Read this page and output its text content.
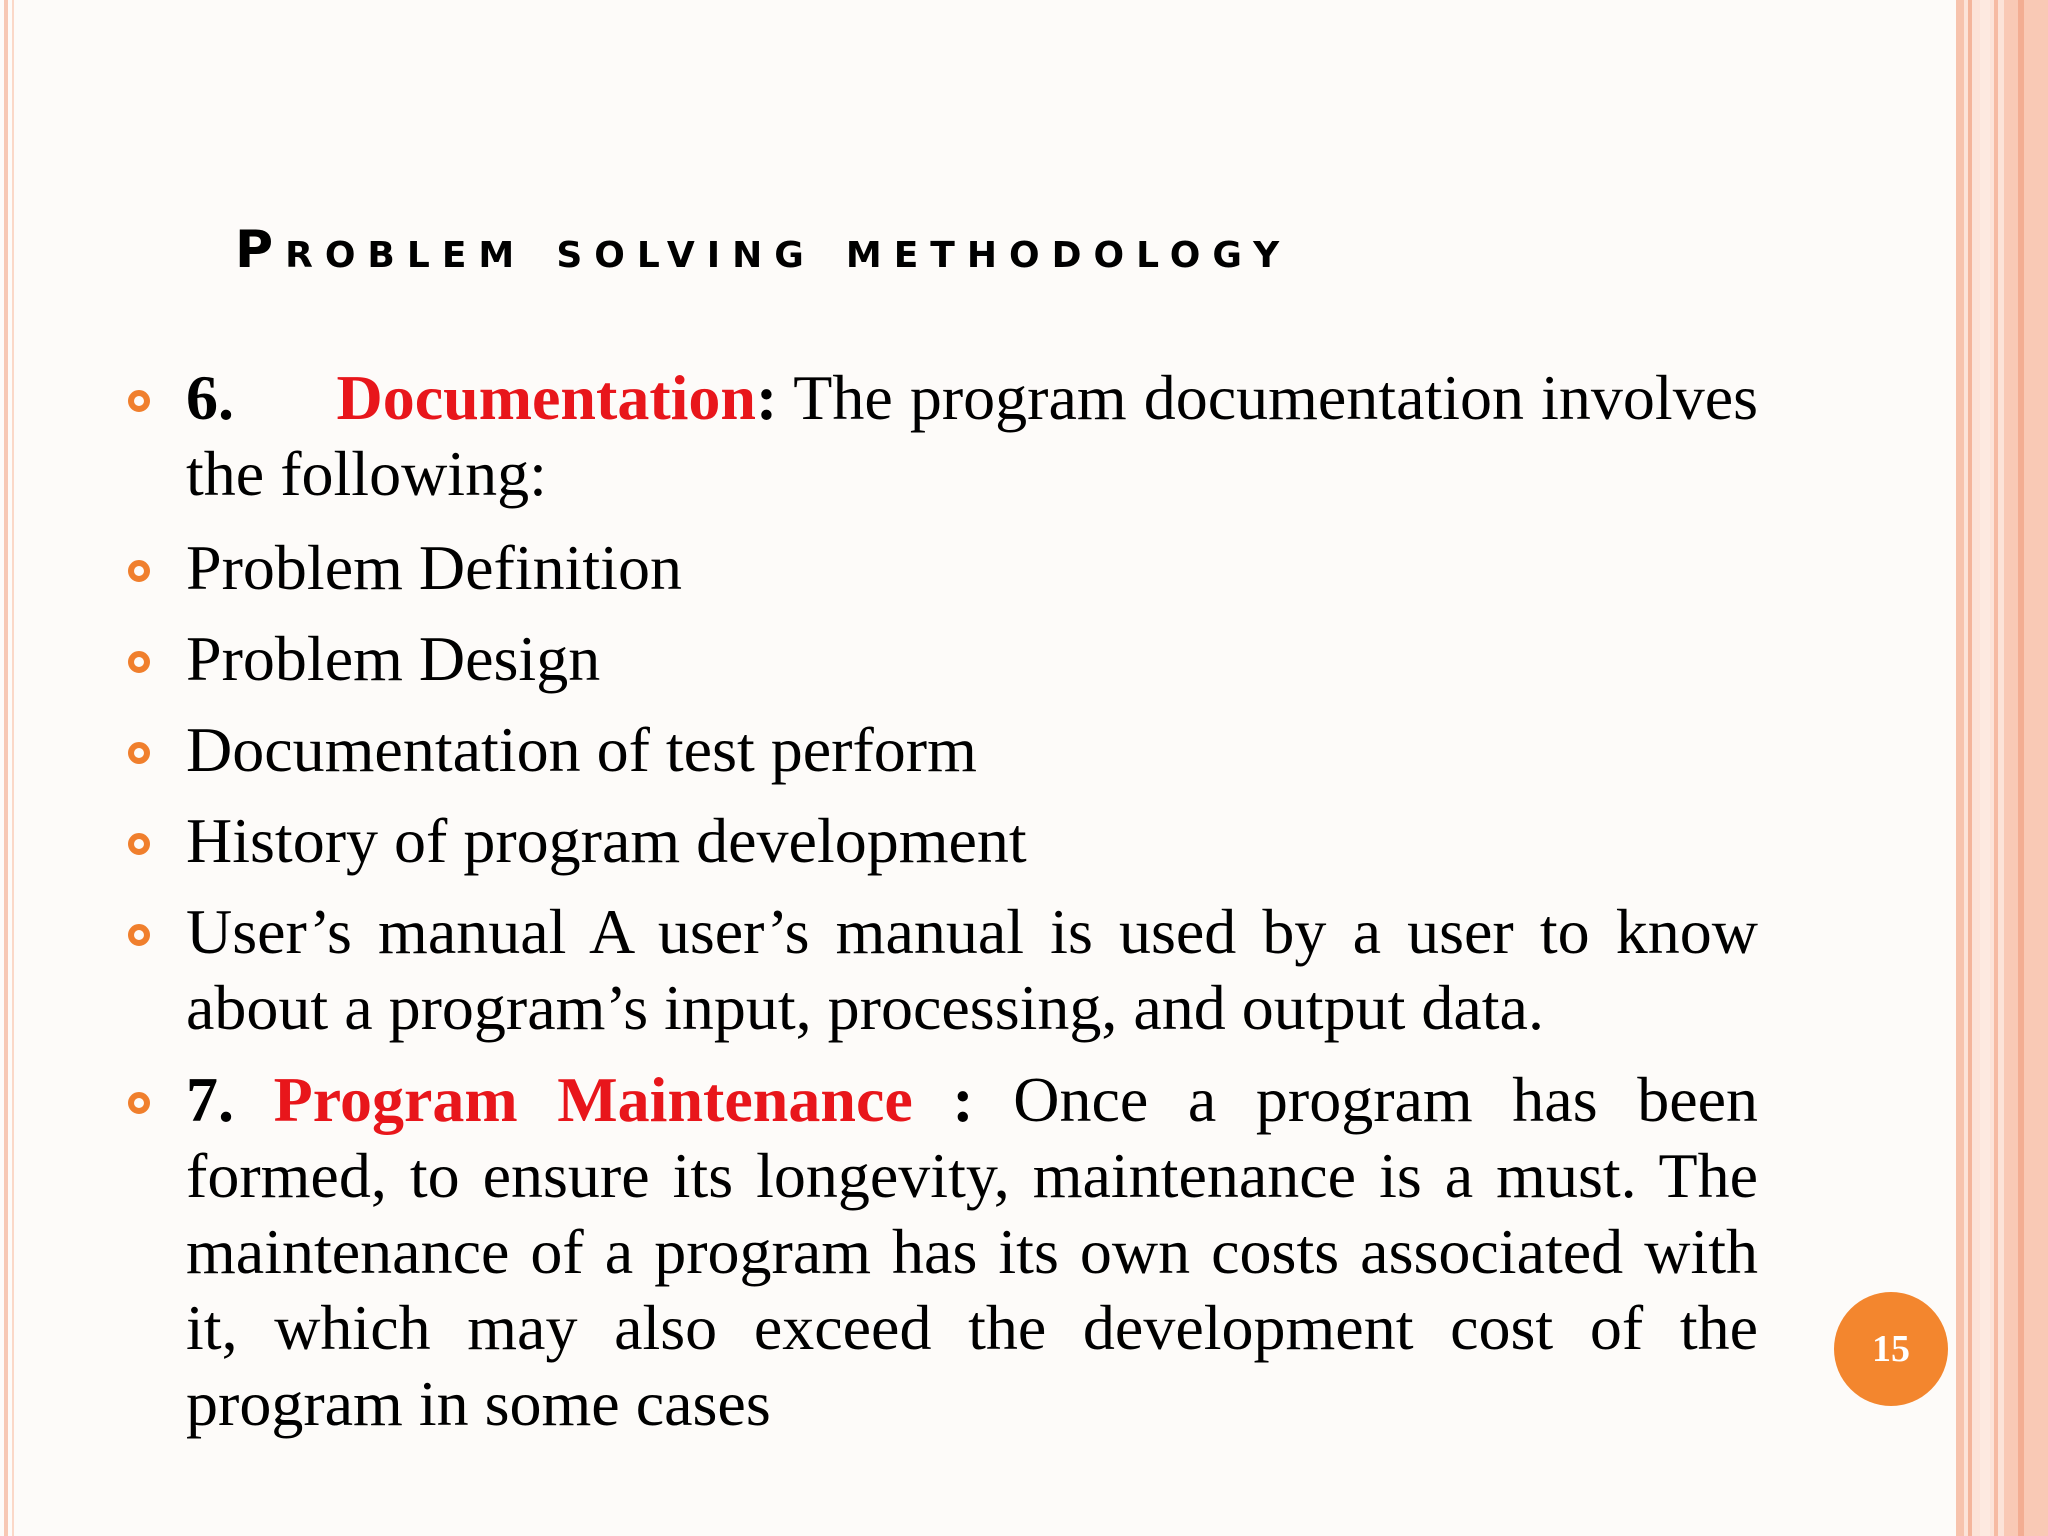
Problem solving methodology
6. Documentation: The program documentation involves the following:
Problem Definition
Problem Design
Documentation of test perform
History of program development
User’s manual A user’s manual is used by a user to know about a program’s input, processing, and output data.
7. Program Maintenance : Once a program has been formed, to ensure its longevity, maintenance is a must. The maintenance of a program has its own costs associated with it, which may also exceed the development cost of the program in some cases
15
